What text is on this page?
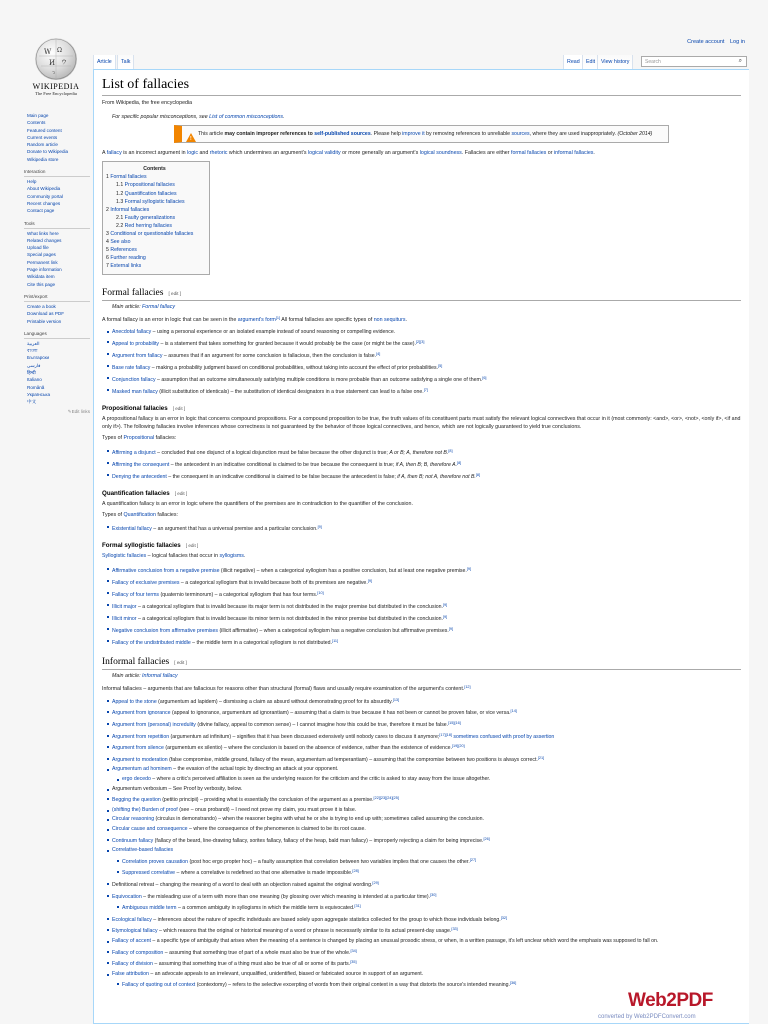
Create account Log in
W Ω
И ウ
ว
WIKIPEDIA
The Free Encyclopedia
Main page
Contents
Featured content
Current events
Random article
Donate to Wikipedia
Wikipedia store
Interaction
Help
About Wikipedia
Community portal
Recent changes
Contact page
Tools
What links here
Related changes
Upload file
Special pages
Permanent link
Page information
Wikidata item
Cite this page
Print/export
Create a book
Download as PDF
Printable version
Languages
العربية
বাংলা
Български
فارسی
हिन्दी
Italiano
Română
Українська
中文
✎Edit links
Article	Talk	Read	Edit	View history	Search	⌕
List of fallacies
From Wikipedia, the free encyclopedia
For specific popular misconceptions, see List of common misconceptions.
!
This article may contain improper references to self-published sources. Please help improve it by removing references to unreliable sources, where they are used inappropriately. (October 2014)

A fallacy is an incorrect argument in logic and rhetoric which undermines an argument's logical validity or more generally an argument's logical soundness. Fallacies are either formal fallacies or informal fallacies.

Contents
1 Formal fallacies
1.1 Propositional fallacies
1.2 Quantification fallacies
1.3 Formal syllogistic fallacies
2 Informal fallacies
2.1 Faulty generalizations
2.2 Red herring fallacies
3 Conditional or questionable fallacies
4 See also
5 References
6 Further reading
7 External links
Formal fallacies [ edit ]
Main article: Formal fallacy

A formal fallacy is an error in logic that can be seen in the argument's form[1] All formal fallacies are specific types of non sequiturs.

Anecdotal fallacy – using a personal experience or an isolated example instead of sound reasoning or compelling evidence.
Appeal to probability – is a statement that takes something for granted because it would probably be the case (or might be the case).[2][3]
Argument from fallacy – assumes that if an argument for some conclusion is fallacious, then the conclusion is false.[4]
Base rate fallacy – making a probability judgment based on conditional probabilities, without taking into account the effect of prior probabilities.[5]
Conjunction fallacy – assumption that an outcome simultaneously satisfying multiple conditions is more probable than an outcome satisfying a single one of them.[6]
Masked man fallacy (illicit substitution of identicals) – the substitution of identical designators in a true statement can lead to a false one.[7]
Propositional fallacies [ edit ]

A propositional fallacy is an error in logic that concerns compound propositions. For a compound proposition to be true, the truth values of its constituent parts must satisfy the relevant logical connectives that occur in it (most commonly: <and>, <or>, <not>, <only if>, <if and only if>). The following fallacies involve inferences whose correctness is not guaranteed by the behavior of those logical connectives, and hence, which are not logically guaranteed to yield true conclusions.

Types of Propositional fallacies:

Affirming a disjunct – concluded that one disjunct of a logical disjunction must be false because the other disjunct is true; A or B; A, therefore not B.[8]
Affirming the consequent – the antecedent in an indicative conditional is claimed to be true because the consequent is true; if A, then B; B, therefore A.[8]
Denying the antecedent – the consequent in an indicative conditional is claimed to be false because the antecedent is false; if A, then B; not A, therefore not B.[8]
Quantification fallacies [ edit ]

A quantification fallacy is an error in logic where the quantifiers of the premises are in contradiction to the quantifier of the conclusion.

Types of Quantification fallacies:

Existential fallacy – an argument that has a universal premise and a particular conclusion.[9]
Formal syllogistic fallacies [ edit ]

Syllogistic fallacies – logical fallacies that occur in syllogisms.

Affirmative conclusion from a negative premise (illicit negative) – when a categorical syllogism has a positive conclusion, but at least one negative premise.[9]
Fallacy of exclusive premises – a categorical syllogism that is invalid because both of its premises are negative.[9]
Fallacy of four terms (quaternio terminorum) – a categorical syllogism that has four terms.[10]
Illicit major – a categorical syllogism that is invalid because its major term is not distributed in the major premise but distributed in the conclusion.[9]
Illicit minor – a categorical syllogism that is invalid because its minor term is not distributed in the minor premise but distributed in the conclusion.[9]
Negative conclusion from affirmative premises (illicit affirmative) – when a categorical syllogism has a negative conclusion but affirmative premises.[9]
Fallacy of the undistributed middle – the middle term in a categorical syllogism is not distributed.[11]
Informal fallacies [ edit ]
Main article: Informal fallacy

Informal fallacies – arguments that are fallacious for reasons other than structural (formal) flaws and usually require examination of the argument's content.[12]

Appeal to the stone (argumentum ad lapidem) – dismissing a claim as absurd without demonstrating proof for its absurdity.[13]
Argument from ignorance (appeal to ignorance, argumentum ad ignorantiam) – assuming that a claim is true because it has not been or cannot be proven false, or vice versa.[14]
Argument from (personal) incredulity (divine fallacy, appeal to common sense) – I cannot imagine how this could be true, therefore it must be false.[15][16]
Argument from repetition (argumentum ad infinitum) – signifies that it has been discussed extensively until nobody cares to discuss it anymore;[17][18] sometimes confused with proof by assertion
Argument from silence (argumentum ex silentio) – where the conclusion is based on the absence of evidence, rather than the existence of evidence.[19][20]
Argument to moderation (false compromise, middle ground, fallacy of the mean, argumentum ad temperantiam) – assuming that the compromise between two positions is always correct.[21]
Argumentum ad hominem – the evasion of the actual topic by directing an attack at your opponent.
ergo decedo – where a critic's perceived affiliation is seen as the underlying reason for the criticism and the critic is asked to stay away from the issue altogether.
Argumentum verbosium – See Proof by verbosity, below.
Begging the question (petitio principii) – providing what is essentially the conclusion of the argument as a premise.[22][23][24][25]
(shifting the) Burden of proof (see – onus probandi) – I need not prove my claim, you must prove it is false.
Circular reasoning (circulus in demonstrando) – when the reasoner begins with what he or she is trying to end up with; sometimes called assuming the conclusion.
Circular cause and consequence – where the consequence of the phenomenon is claimed to be its root cause.
Continuum fallacy (fallacy of the beard, line-drawing fallacy, sorites fallacy, fallacy of the heap, bald man fallacy) – improperly rejecting a claim for being imprecise.[26]
Correlative-based fallacies
Correlation proves causation (post hoc ergo propter hoc) – a faulty assumption that correlation between two variables implies that one causes the other.[27]
Suppressed correlative – where a correlative is redefined so that one alternative is made impossible.[28]
Definitional retreat – changing the meaning of a word to deal with an objection raised against the original wording.[29]
Equivocation – the misleading use of a term with more than one meaning (by glossing over which meaning is intended at a particular time).[30]
Ambiguous middle term – a common ambiguity in syllogisms in which the middle term is equivocated.[31]
Ecological fallacy – inferences about the nature of specific individuals are based solely upon aggregate statistics collected for the group to which those individuals belong.[32]
Etymological fallacy – which reasons that the original or historical meaning of a word or phrase is necessarily similar to its actual present-day usage.[33]
Fallacy of accent – a specific type of ambiguity that arises when the meaning of a sentence is changed by placing an unusual prosodic stress, or when, in a written passage, it's left unclear which word the emphasis was supposed to fall on.
Fallacy of composition – assuming that something true of part of a whole must also be true of the whole.[34]
Fallacy of division – assuming that something true of a thing must also be true of all or some of its parts.[35]
False attribution – an advocate appeals to an irrelevant, unqualified, unidentified, biased or fabricated source in support of an argument.
Fallacy of quoting out of context (contextomy) – refers to the selective excerpting of words from their original context in a way that distorts the source's intended meaning.[36]
Web2PDF
converted by Web2PDFConvert.com
